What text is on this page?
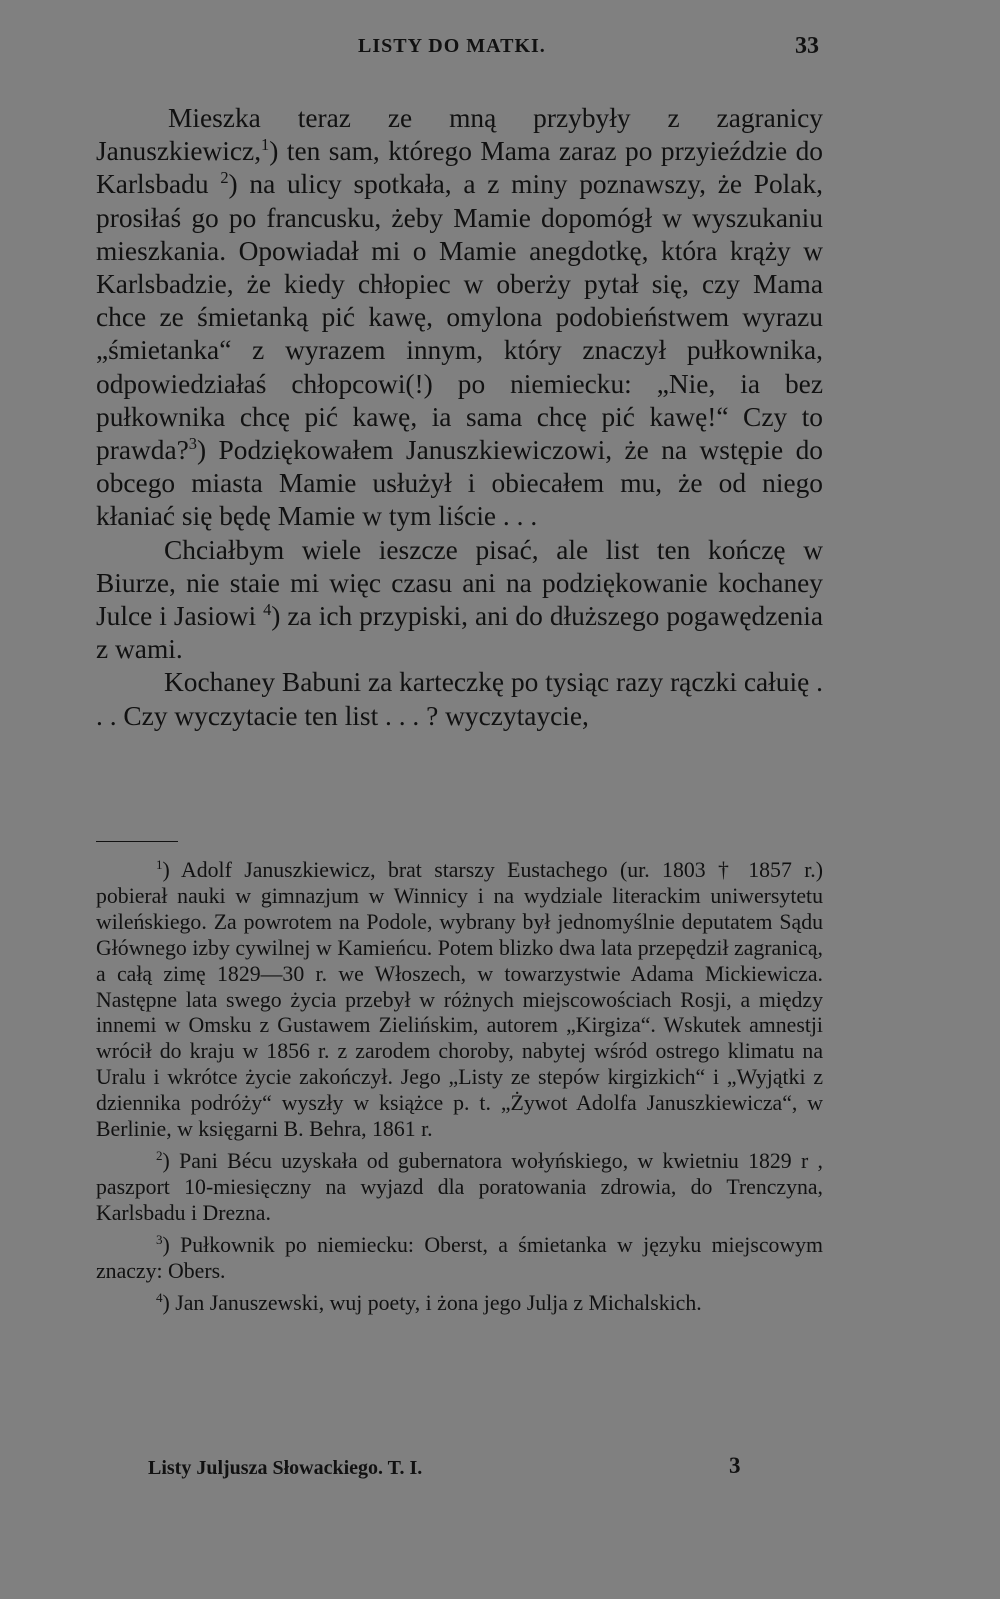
LISTY DO MATKI.	33

Mieszka teraz ze mną przybyły z zagranicy Januszkiewicz,$^1$) ten sam, którego Mama zaraz po przyieździe do Karlsbadu $^2$) na ulicy spotkała, a z miny poznawszy, że Polak, prosiłaś go po francusku, żeby Mamie dopomógł w wyszukaniu mieszkania. Opowiadał mi o Mamie anegdotkę, która krąży w Karlsbadzie, że kiedy chłopiec w oberży pytał się, czy Mama chce ze śmietanką pić kawę, omylona podobieństwem wyrazu „śmietanka“ z wyrazem innym, który znaczył pułkownika, odpowiedziałaś chłopcowi(!) po niemiecku: „Nie, ia bez pułkownika chcę pić kawę, ia sama chcę pić kawę!“ Czy to prawda?$^3$) Podziękowałem Januszkiewiczowi, że na wstępie do obcego miasta Mamie usłużył i obiecałem mu, że od niego kłaniać się będę Mamie w tym liście . . .

Chciałbym wiele ieszcze pisać, ale list ten kończę w Biurze, nie staie mi więc czasu ani na podziękowanie kochaney Julce i Jasiowi $^4$) za ich przypiski, ani do dłuższego pogawędzenia z wami.

Kochaney Babuni za karteczkę po tysiąc razy rączki całuię . . . Czy wyczytacie ten list . . . ? wyczytaycie,

$^1$) Adolf Januszkiewicz, brat starszy Eustachego (ur. 1803 † 1857 r.) pobierał nauki w gimnazjum w Winnicy i na wydziale literackim uniwersytetu wileńskiego. Za powrotem na Podole, wybrany był jednomyślnie deputatem Sądu Głównego izby cywilnej w Kamieńcu. Potem blizko dwa lata przepędził zagranicą, a całą zimę 1829—30 r. we Włoszech, w towarzystwie Adama Mickiewicza. Następne lata swego życia przebył w różnych miejscowościach Rosji, a między innemi w Omsku z Gustawem Zielińskim, autorem „Kirgiza“. Wskutek amnestji wrócił do kraju w 1856 r. z zarodem choroby, nabytej wśród ostrego klimatu na Uralu i wkrótce życie zakończył. Jego „Listy ze stepów kirgizkich“ i „Wyjątki z dziennika podróży“ wyszły w książce p. t. „Żywot Adolfa Januszkiewicza“, w Berlinie, w księgarni B. Behra, 1861 r.

$^2$) Pani Bécu uzyskała od gubernatora wołyńskiego, w kwietniu 1829 r , paszport 10-miesięczny na wyjazd dla poratowania zdrowia, do Trenczyna, Karlsbadu i Drezna.

$^3$) Pułkownik po niemiecku: Oberst, a śmietanka w języku miejscowym znaczy: Obers.

$^4$) Jan Januszewski, wuj poety, i żona jego Julja z Michalskich.

Listy Juljusza Słowackiego. T. I.	3
